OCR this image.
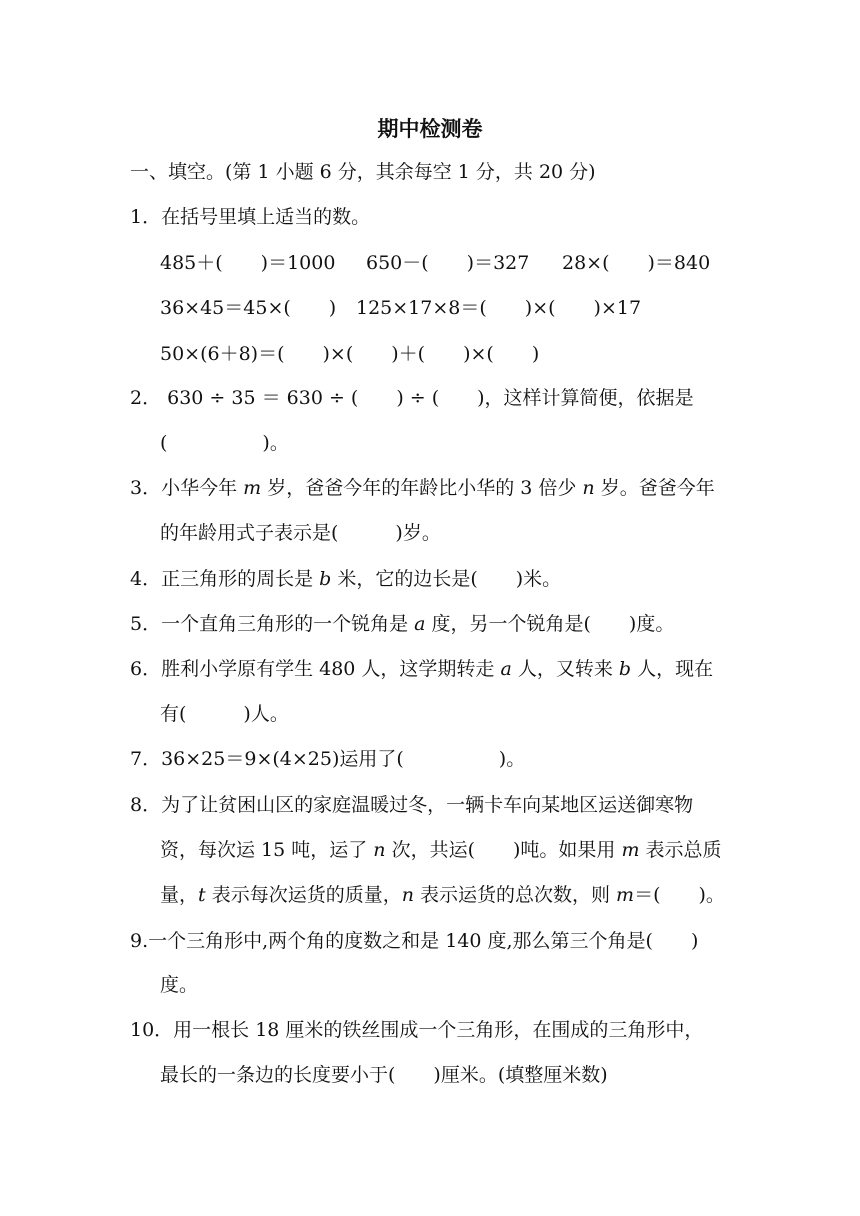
期中检测卷
一、填空。(第 1 小题 6 分，其余每空 1 分，共 20 分)
1．在括号里填上适当的数。
485＋(　　)＝1000 650－(　　)＝327 28×(　　)＝840
36×45＝45×(　　) 125×17×8＝(　　)×(　　)×17
50×(6＋8)＝(　　)×(　　)＋(　　)×(　　)
2． 630 ÷ 35 ＝ 630 ÷ (　　) ÷ (　　)，这样计算简便，依据是
(　　　　　)。
3．小华今年 m 岁，爸爸今年的年龄比小华的 3 倍少 n 岁。爸爸今年
的年龄用式子表示是(　　　)岁。
4．正三角形的周长是 b 米，它的边长是(　　)米。
5．一个直角三角形的一个锐角是 a 度，另一个锐角是(　　)度。
6．胜利小学原有学生 480 人，这学期转走 a 人，又转来 b 人，现在
有(　　　)人。
7．36×25＝9×(4×25)运用了(　　　　　)。
8．为了让贫困山区的家庭温暖过冬，一辆卡车向某地区运送御寒物
资，每次运 15 吨，运了 n 次，共运(　　)吨。如果用 m 表示总质
量，t 表示每次运货的质量，n 表示运货的总次数，则 m＝(　　)。
9.一个三角形中,两个角的度数之和是 140 度,那么第三个角是(　　)
度。
10．用一根长 18 厘米的铁丝围成一个三角形，在围成的三角形中，
最长的一条边的长度要小于(　　)厘米。(填整厘米数)
